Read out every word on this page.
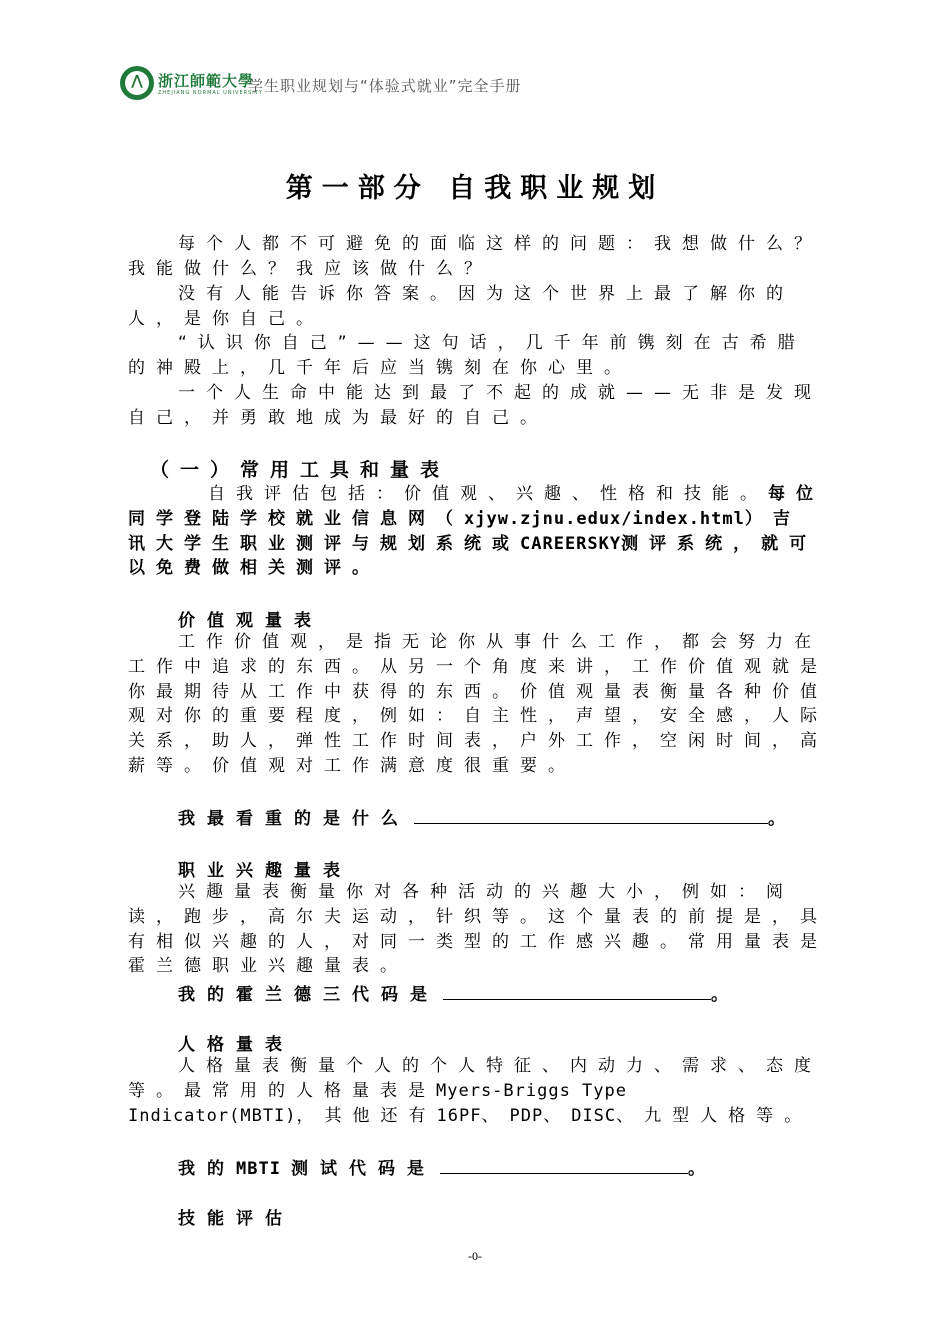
⋀ 浙江師範大學
ZHEJIANG NORMAL UNIVERSITY
学生职业规划与“体验式就业”完全手册
第一部分 自我职业规划
每个人都不可避免的面临这样的问题：我想做什么？我能做什么？我应该做什么？
没有人能告诉你答案。因为这个世界上最了解你的人，是你自己。
“认识你自己”——这句话，几千年前镌刻在古希腊的神殿上，几千年后应当镌刻在你心里。
一个人生命中能达到最了不起的成就——无非是发现自己，并勇敢地成为最好的自己。
（一）常用工具和量表
自我评估包括：价值观、兴趣、性格和技能。每位同学登陆学校就业信息网（xjyw.zjnu.edux/index.html）吉讯大学生职业测评与规划系统或CAREERSKY测评系统，就可以免费做相关测评。
价值观量表
工作价值观，是指无论你从事什么工作，都会努力在工作中追求的东西。从另一个角度来讲，工作价值观就是你最期待从工作中获得的东西。价值观量表衡量各种价值观对你的重要程度，例如：自主性，声望，安全感，人际关系，助人，弹性工作时间表，户外工作，空闲时间，高薪等。价值观对工作满意度很重要。
我最看重的是什么	。
职业兴趣量表
兴趣量表衡量你对各种活动的兴趣大小，例如：阅读，跑步，高尔夫运动，针织等。这个量表的前提是，具有相似兴趣的人，对同一类型的工作感兴趣。常用量表是霍兰德职业兴趣量表。
我的霍兰德三代码是	。
人格量表
人格量表衡量个人的个人特征、内动力、需求、态度等。最常用的人格量表是Myers-Briggs Type Indicator(MBTI)，其他还有16PF、PDP、DISC、九型人格等。
我的MBTI 测试代码是	。
技能评估
-0-
